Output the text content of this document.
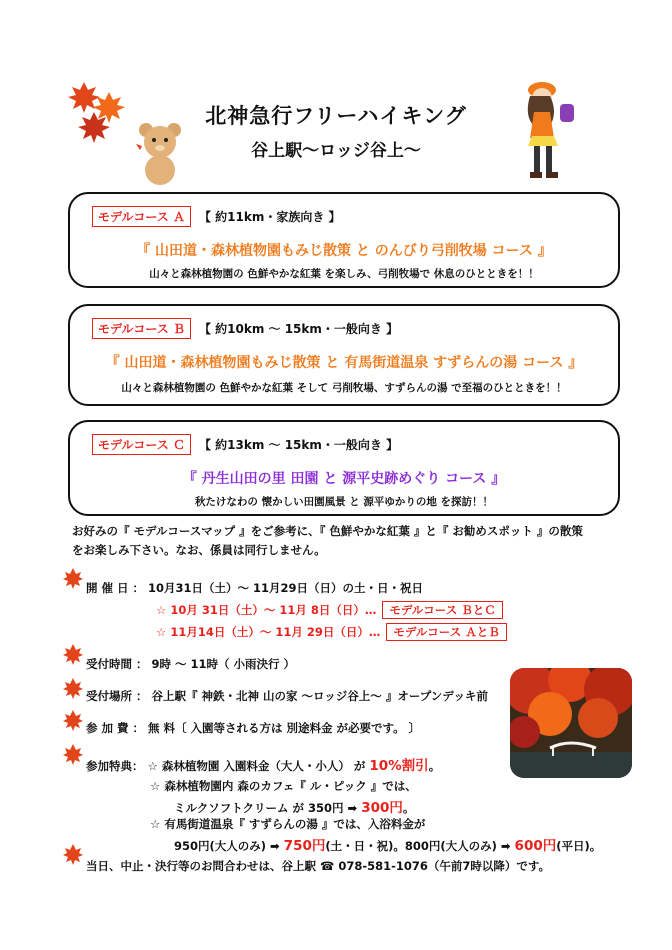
北神急行フリーハイキング
谷上駅〜ロッジ谷上〜
モデルコース Ａ	【 約11km・家族向き 】
『 山田道・森林植物園もみじ散策 と のんびり弓削牧場 コース 』
山々と森林植物園の 色鮮やかな紅葉 を楽しみ、弓削牧場で 休息のひとときを！！
モデルコース Ｂ	【 約10km 〜 15km・一般向き 】
『 山田道・森林植物園もみじ散策 と 有馬街道温泉 すずらんの湯 コース 』
山々と森林植物園の 色鮮やかな紅葉 そして 弓削牧場、すずらんの湯 で至福のひとときを！！
モデルコース Ｃ	【 約13km 〜 15km・一般向き 】
『 丹生山田の里 田園 と 源平史跡めぐり コース 』
秋たけなわの 懐かしい田園風景 と 源平ゆかりの地 を探訪！！
お好みの『 モデルコースマップ 』をご参考に、『 色鮮やかな紅葉 』と『 お勧めスポット 』の散策
をお楽しみ下さい。なお、係員は同行しません。
開 催 日 ： 10月31日（土）〜 11月29日（日）の土・日・祝日
☆ 10月 31日（土）〜 11月 8日（日）… モデルコース ＢとＣ
☆ 11月14日（土）〜 11月 29日（日）… モデルコース ＡとＢ
受付時間 ： 9時 〜 11時（ 小雨決行 ）
受付場所 ： 谷上駅『 神鉄・北神 山の家 〜ロッジ谷上〜 』オープンデッキ前
参 加 費 ： 無 料〔 入園等される方は 別途料金 が必要です。 〕
参加特典： ☆ 森林植物園 入園料金（大人・小人） が 10%割引。
☆ 森林植物園内 森のカフェ『 ル・ピック 』では、
ミルクソフトクリーム が 350円 ➡ 300円。
☆ 有馬街道温泉『 すずらんの湯 』では、入浴料金が
950円(大人のみ) ➡ 750円(土・日・祝)。800円(大人のみ) ➡ 600円(平日)。
当日、中止・決行等のお問合わせは、谷上駅 ☎ 078-581-1076（午前7時以降）です。
